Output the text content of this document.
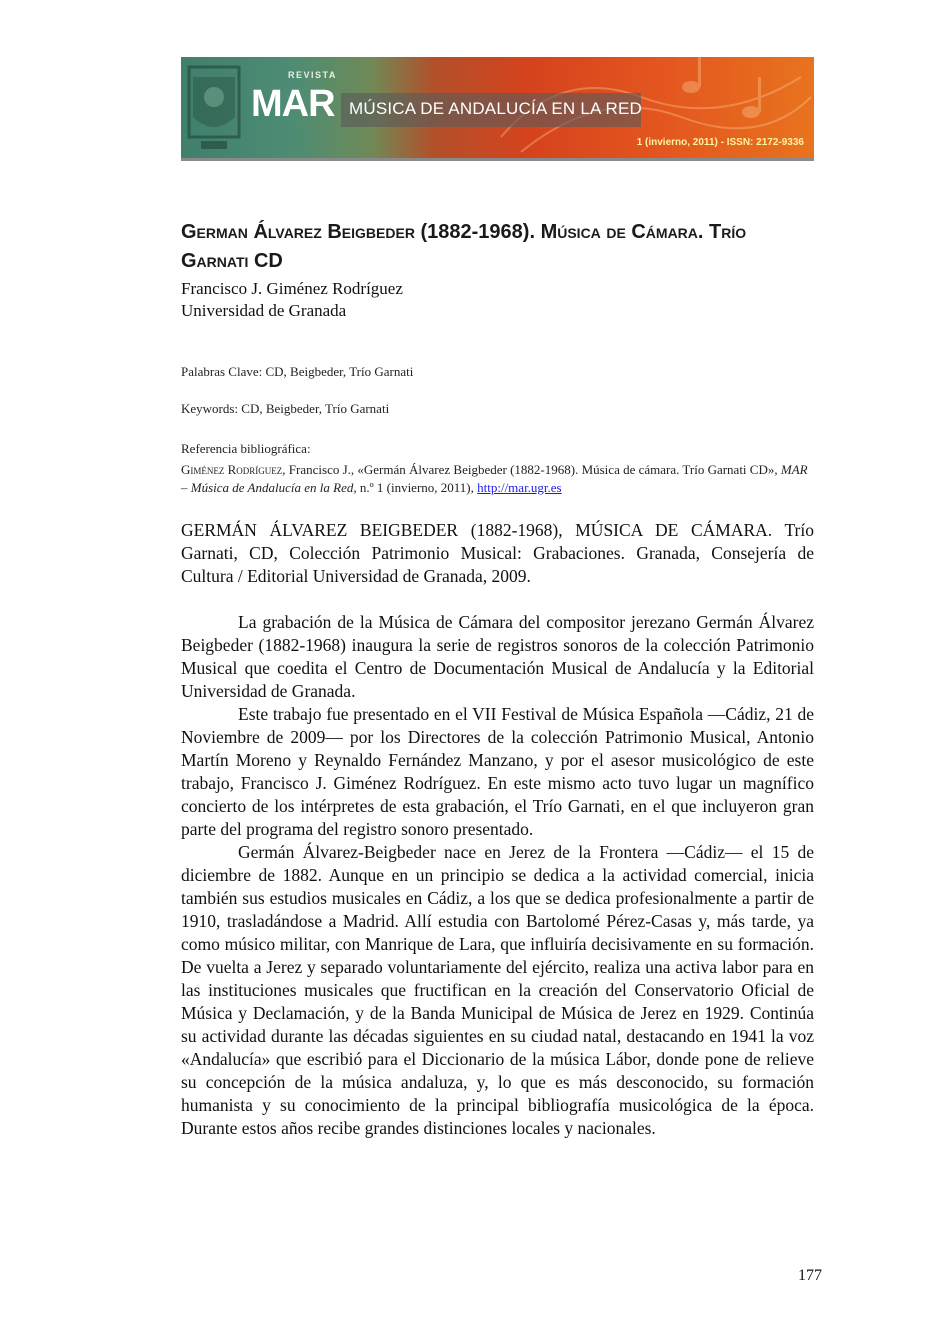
REVISTA
MAR MÚSICA DE ANDALUCÍA EN LA RED
1 (invierno, 2011) - ISSN: 2172-9336
German Álvarez Beigbeder (1882-1968). Música de Cámara. Trío Garnati CD

Francisco J. Giménez Rodríguez

Universidad de Granada

Palabras Clave: CD, Beigbeder, Trío Garnati

Keywords: CD, Beigbeder, Trío Garnati

Referencia bibliográfica:

Giménez Rodríguez, Francisco J., «Germán Álvarez Beigbeder (1882-1968). Música de cámara. Trío Garnati CD», MAR – Música de Andalucía en la Red, n.º 1 (invierno, 2011), http://mar.ugr.es

GERMÁN ÁLVAREZ BEIGBEDER (1882-1968), MÚSICA DE CÁMARA. Trío Garnati, CD, Colección Patrimonio Musical: Grabaciones. Granada, Consejería de Cultura / Editorial Universidad de Granada, 2009.

La grabación de la Música de Cámara del compositor jerezano Germán Álvarez Beigbeder (1882-1968) inaugura la serie de registros sonoros de la colección Patrimonio Musical que coedita el Centro de Documentación Musical de Andalucía y la Editorial Universidad de Granada.

Este trabajo fue presentado en el VII Festival de Música Española —Cádiz, 21 de Noviembre de 2009— por los Directores de la colección Patrimonio Musical, Antonio Martín Moreno y Reynaldo Fernández Manzano, y por el asesor musicológico de este trabajo, Francisco J. Giménez Rodríguez. En este mismo acto tuvo lugar un magnífico concierto de los intérpretes de esta grabación, el Trío Garnati, en el que incluyeron gran parte del programa del registro sonoro presentado.

Germán Álvarez-Beigbeder nace en Jerez de la Frontera —Cádiz— el 15 de diciembre de 1882. Aunque en un principio se dedica a la actividad comercial, inicia también sus estudios musicales en Cádiz, a los que se dedica profesionalmente a partir de 1910, trasladándose a Madrid. Allí estudia con Bartolomé Pérez-Casas y, más tarde, ya como músico militar, con Manrique de Lara, que influiría decisivamente en su formación. De vuelta a Jerez y separado voluntariamente del ejército, realiza una activa labor para en las instituciones musicales que fructifican en la creación del Conservatorio Oficial de Música y Declamación, y de la Banda Municipal de Música de Jerez en 1929. Continúa su actividad durante las décadas siguientes en su ciudad natal, destacando en 1941 la voz «Andalucía» que escribió para el Diccionario de la música Lábor, donde pone de relieve su concepción de la música andaluza, y, lo que es más desconocido, su formación humanista y su conocimiento de la principal bibliografía musicológica de la época. Durante estos años recibe grandes distinciones locales y nacionales.

177
